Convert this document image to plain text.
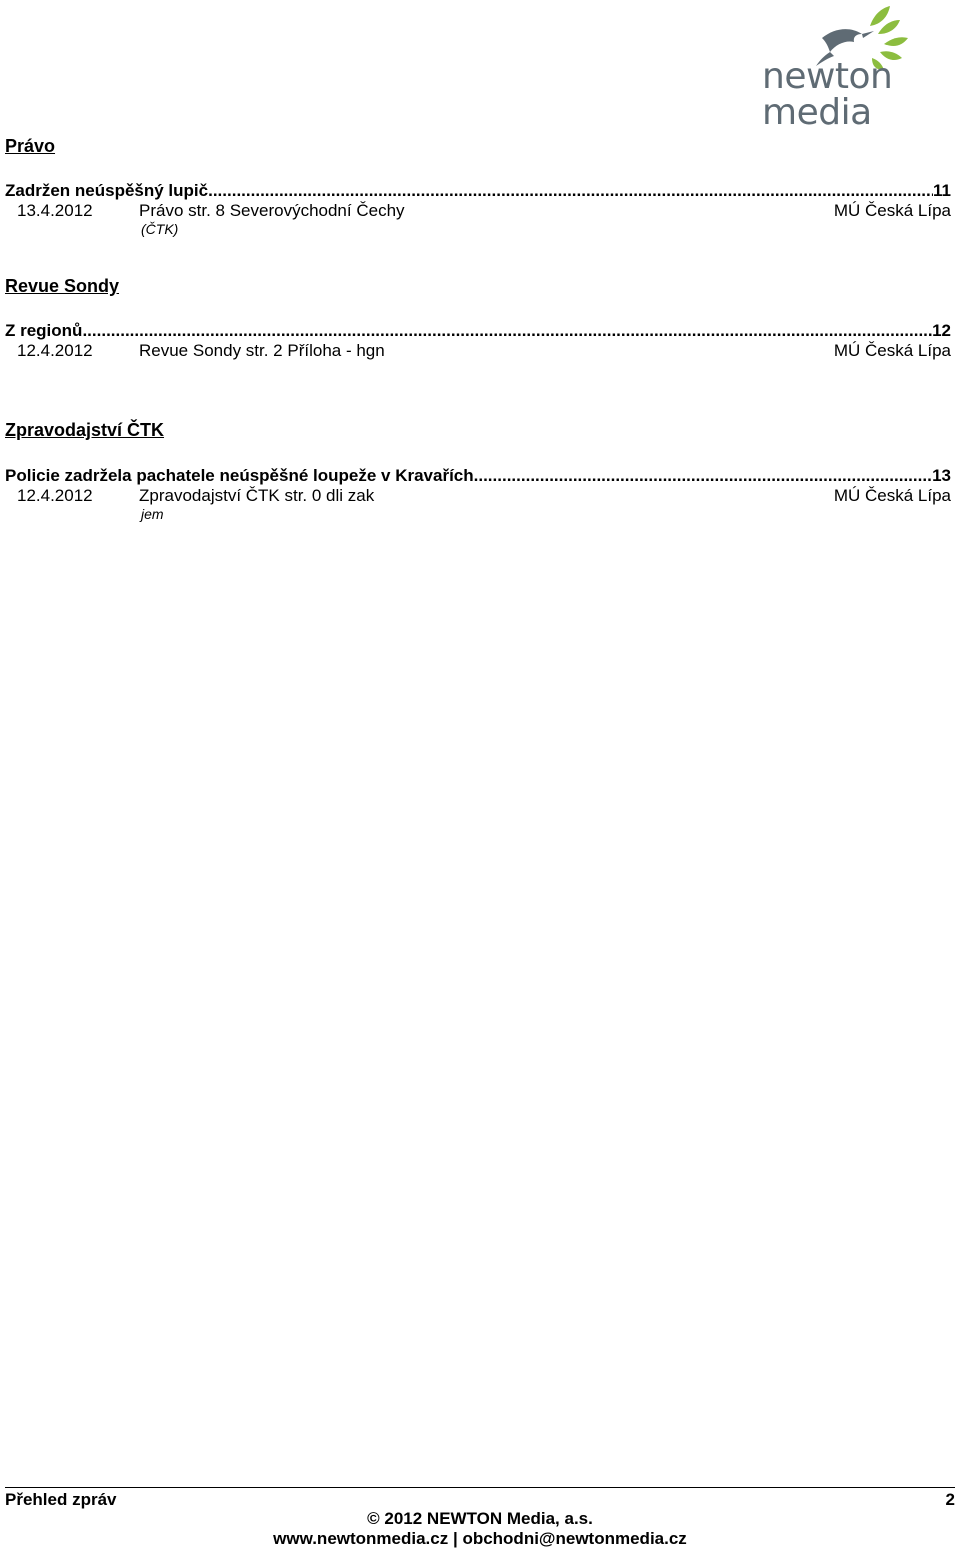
newton media
Právo
Zadržen neúspěšný lupič .....	11
13.4.2012	Právo str. 8 Severovýchodní Čechy	MÚ Česká Lípa
(ČTK)
Revue Sondy
Z regionů .....	12
12.4.2012	Revue Sondy str. 2 Příloha - hgn	MÚ Česká Lípa
Zpravodajství ČTK
Policie zadržela pachatele neúspěšné loupeže v Kravařích .....	13
12.4.2012	Zpravodajství ČTK str. 0 dli zak	MÚ Česká Lípa
jem
Přehled zpráv	2
© 2012 NEWTON Media, a.s.
www.newtonmedia.cz | obchodni@newtonmedia.cz
